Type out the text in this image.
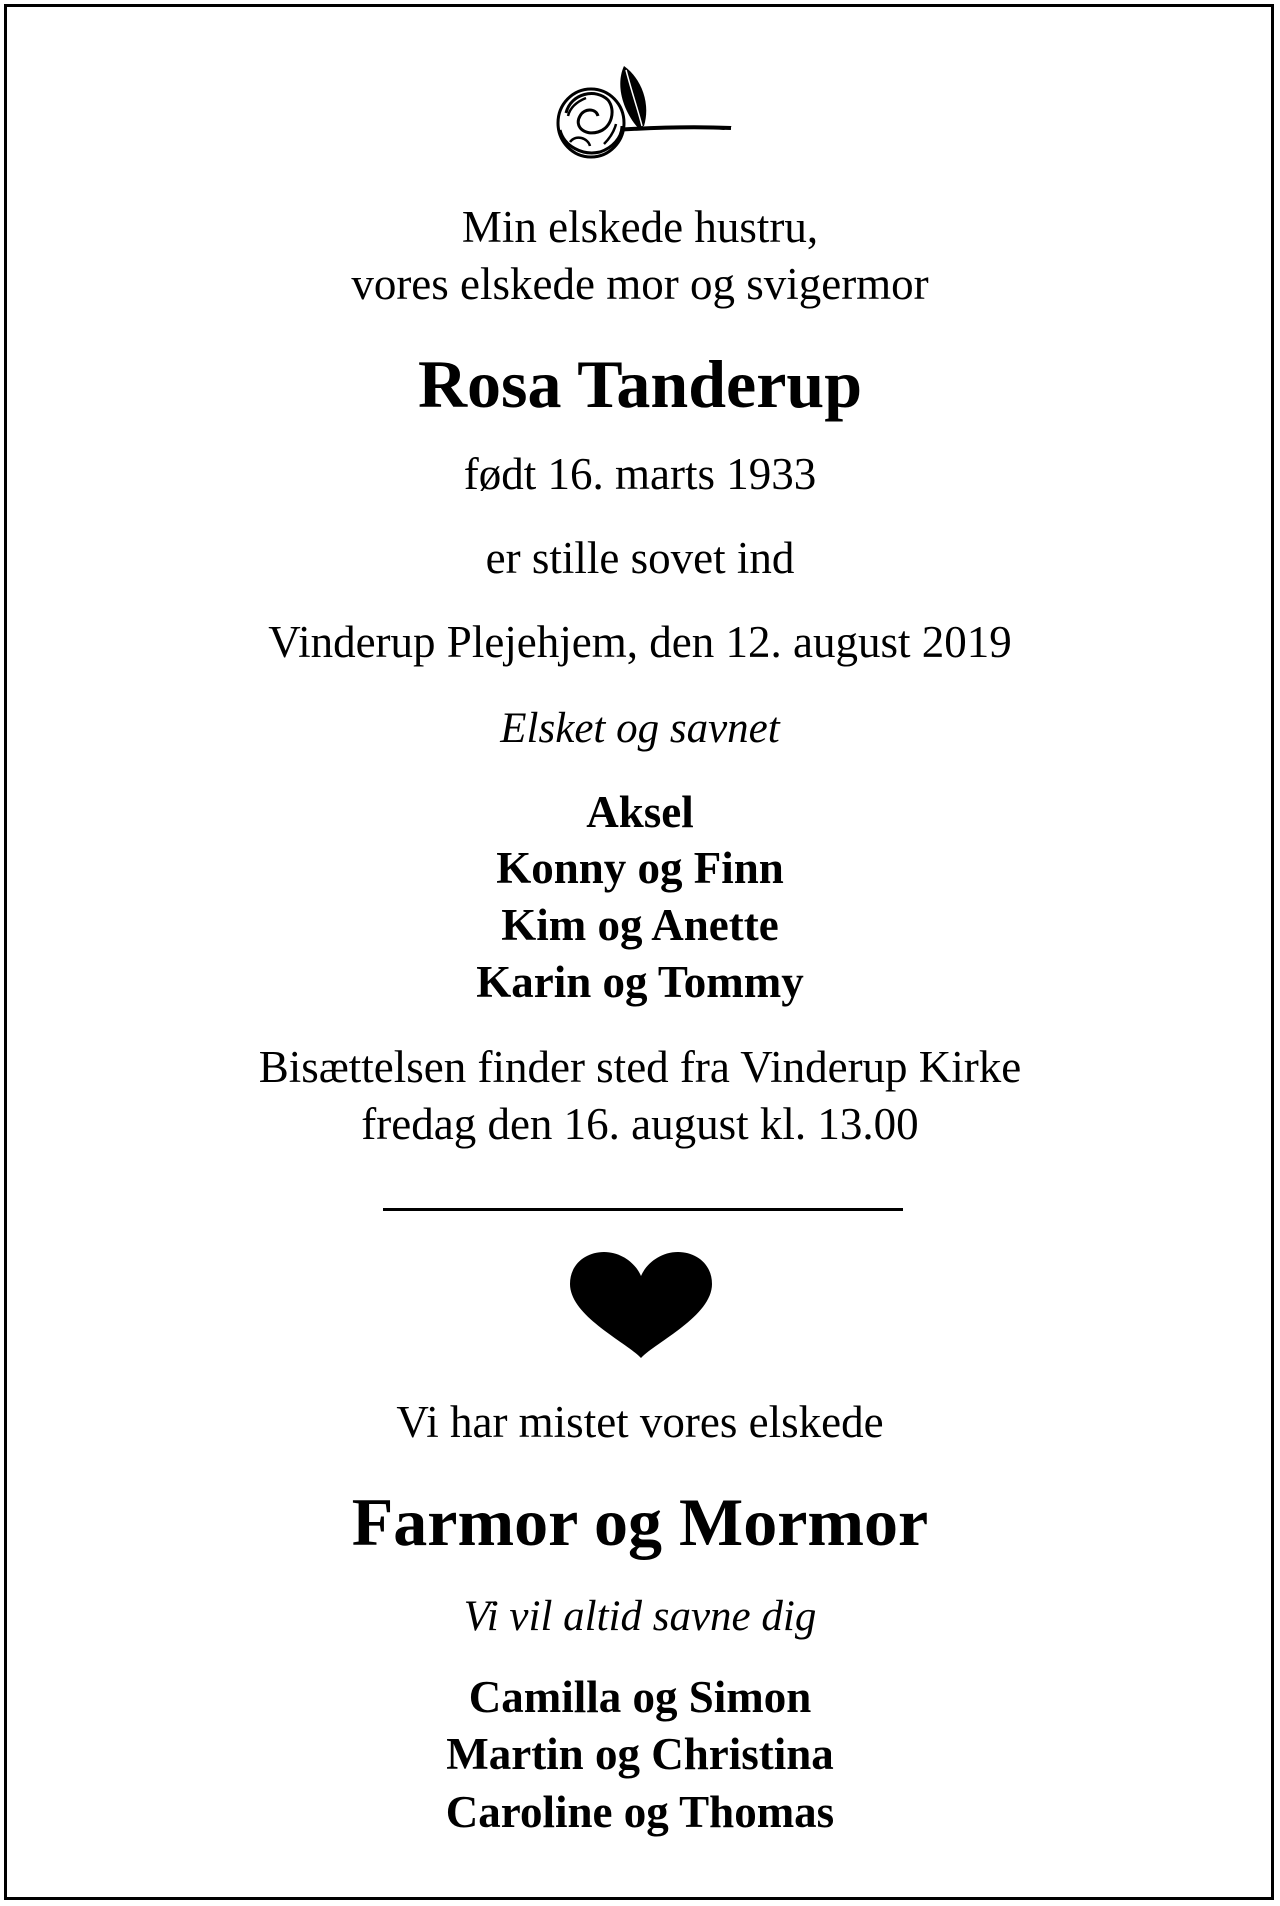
Min elskede hustru,
vores elskede mor og svigermor
Rosa Tanderup
født 16. marts 1933
er stille sovet ind
Vinderup Plejehjem, den 12. august 2019
Elsket og savnet
Aksel
Konny og Finn
Kim og Anette
Karin og Tommy
Bisættelsen finder sted fra Vinderup Kirke
fredag den 16. august kl. 13.00
Vi har mistet vores elskede
Farmor og Mormor
Vi vil altid savne dig
Camilla og Simon
Martin og Christina
Caroline og Thomas
